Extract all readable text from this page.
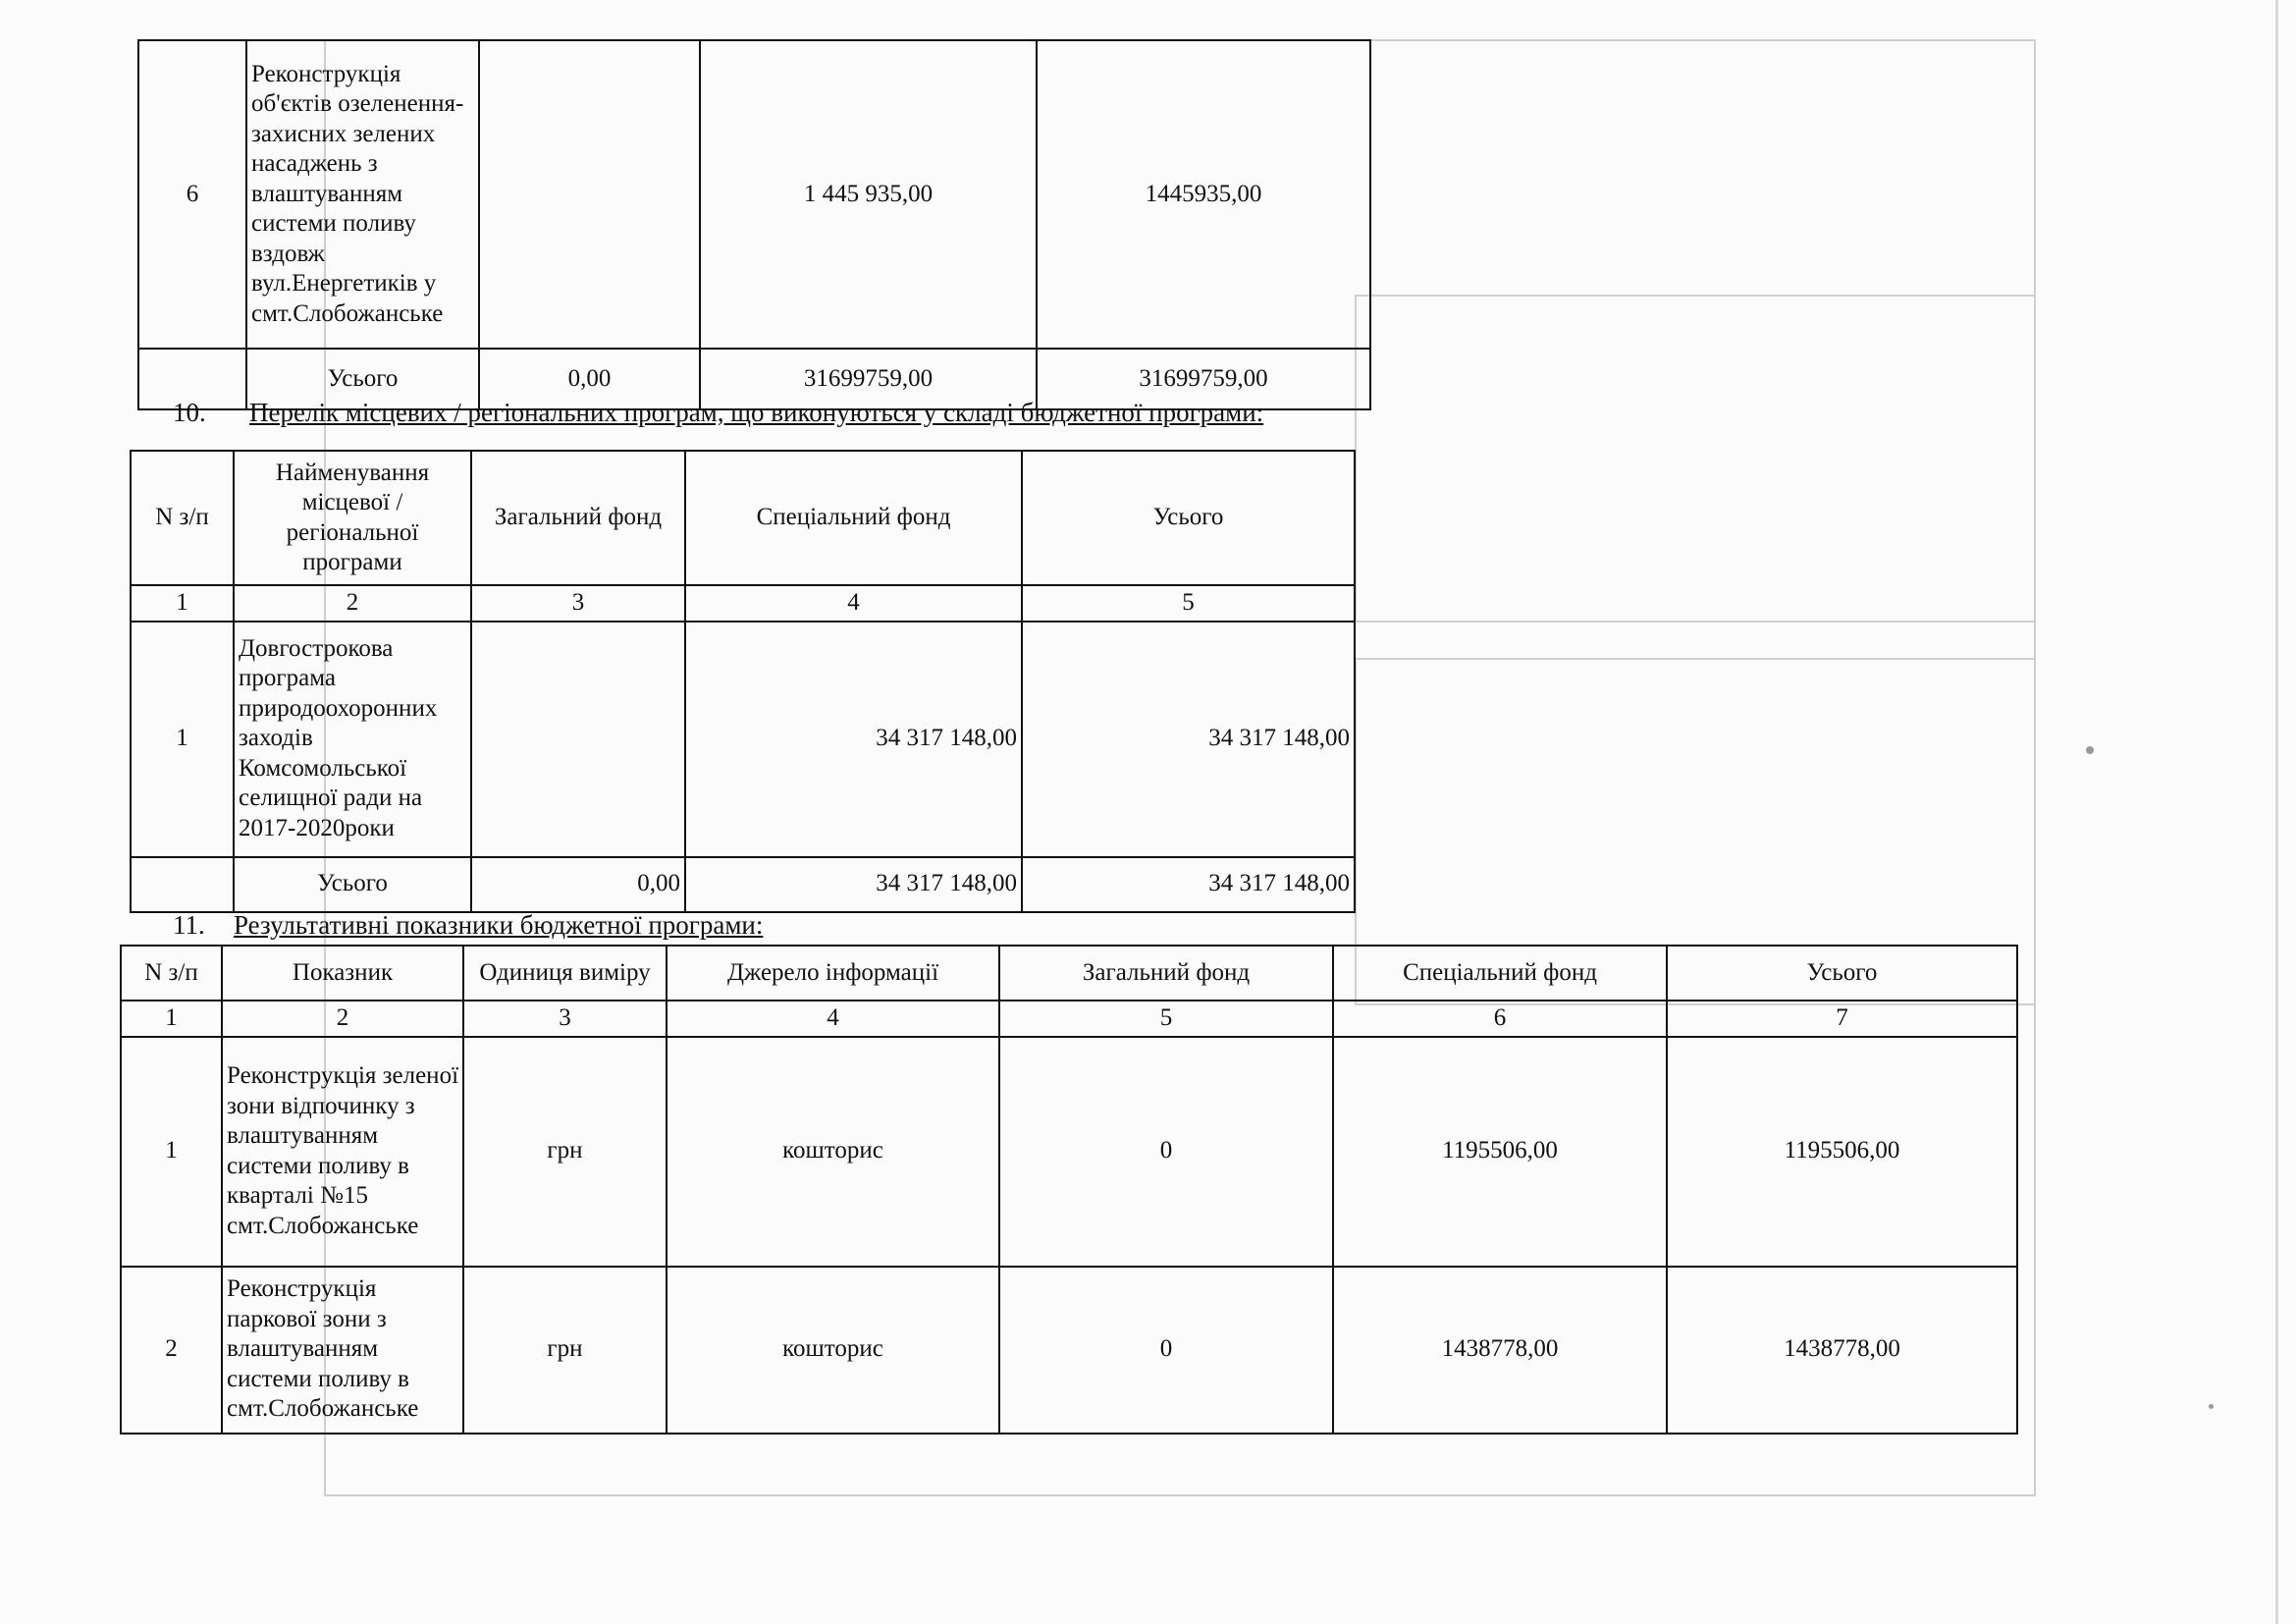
6	Реконструкція об'єктів озеленення-захисних зелених насаджень з влаштуванням системи поливу вздовж вул.Енергетиків у смт.Слобожанське		1 445 935,00	1445935,00
	Усього	0,00	31699759,00	31699759,00
10. Перелік місцевих / регіональних програм, що виконуються у складі бюджетної програми:
N з/п	Найменування місцевої / регіональної програми	Загальний фонд	Спеціальний фонд	Усього
1	2	3	4	5
1	Довгострокова програма природоохоронних заходів Комсомольської селищної ради на 2017-2020роки		34 317 148,00	34 317 148,00
	Усього	0,00	34 317 148,00	34 317 148,00
11. Результативні показники бюджетної програми:
N з/п	Показник	Одиниця виміру	Джерело інформації	Загальний фонд	Спеціальний фонд	Усього
1	2	3	4	5	6	7
1	Реконструкція зеленої зони відпочинку з влаштуванням системи поливу в кварталі №15 смт.Слобожанське	грн	кошторис	0	1195506,00	1195506,00
2	Реконструкція паркової зони з влаштуванням системи поливу в смт.Слобожанське	грн	кошторис	0	1438778,00	1438778,00
